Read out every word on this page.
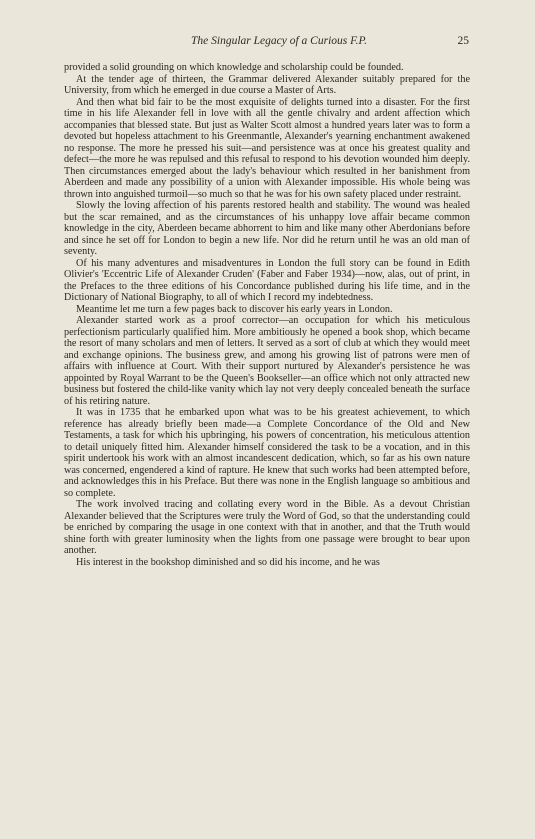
The Singular Legacy of a Curious F.P.	25

provided a solid grounding on which knowledge and scholarship could be founded.

At the tender age of thirteen, the Grammar delivered Alexander suitably prepared for the University, from which he emerged in due course a Master of Arts.

And then what bid fair to be the most exquisite of delights turned into a disaster. For the first time in his life Alexander fell in love with all the gentle chivalry and ardent affection which accompanies that blessed state. But just as Walter Scott almost a hundred years later was to form a devoted but hopeless attachment to his Greenmantle, Alexander's yearning enchantment awakened no response. The more he pressed his suit—and persistence was at once his greatest quality and defect—the more he was repulsed and this refusal to respond to his devotion wounded him deeply. Then circumstances emerged about the lady's behaviour which resulted in her banishment from Aberdeen and made any possibility of a union with Alexander impossible. His whole being was thrown into anguished turmoil—so much so that he was for his own safety placed under restraint.

Slowly the loving affection of his parents restored health and stability. The wound was healed but the scar remained, and as the circumstances of his unhappy love affair became common knowledge in the city, Aberdeen became abhorrent to him and like many other Aberdonians before and since he set off for London to begin a new life. Nor did he return until he was an old man of seventy.

Of his many adventures and misadventures in London the full story can be found in Edith Olivier's 'Eccentric Life of Alexander Cruden' (Faber and Faber 1934)—now, alas, out of print, in the Prefaces to the three editions of his Concordance published during his life time, and in the Dictionary of National Biography, to all of which I record my indebtedness.

Meantime let me turn a few pages back to discover his early years in London.

Alexander started work as a proof corrector—an occupation for which his meticulous perfectionism particularly qualified him. More ambitiously he opened a book shop, which became the resort of many scholars and men of letters. It served as a sort of club at which they would meet and exchange opinions. The business grew, and among his growing list of patrons were men of affairs with influence at Court. With their support nurtured by Alexander's persistence he was appointed by Royal Warrant to be the Queen's Bookseller—an office which not only attracted new business but fostered the child-like vanity which lay not very deeply concealed beneath the surface of his retiring nature.

It was in 1735 that he embarked upon what was to be his greatest achievement, to which reference has already briefly been made—a Complete Concordance of the Old and New Testaments, a task for which his upbringing, his powers of concentration, his meticulous attention to detail uniquely fitted him. Alexander himself considered the task to be a vocation, and in this spirit undertook his work with an almost incandescent dedication, which, so far as his own nature was concerned, engendered a kind of rapture. He knew that such works had been attempted before, and acknowledges this in his Preface. But there was none in the English language so ambitious and so complete.

The work involved tracing and collating every word in the Bible. As a devout Christian Alexander believed that the Scriptures were truly the Word of God, so that the understanding could be enriched by comparing the usage in one context with that in another, and that the Truth would shine forth with greater luminosity when the lights from one passage were brought to bear upon another.

His interest in the bookshop diminished and so did his income, and he was
